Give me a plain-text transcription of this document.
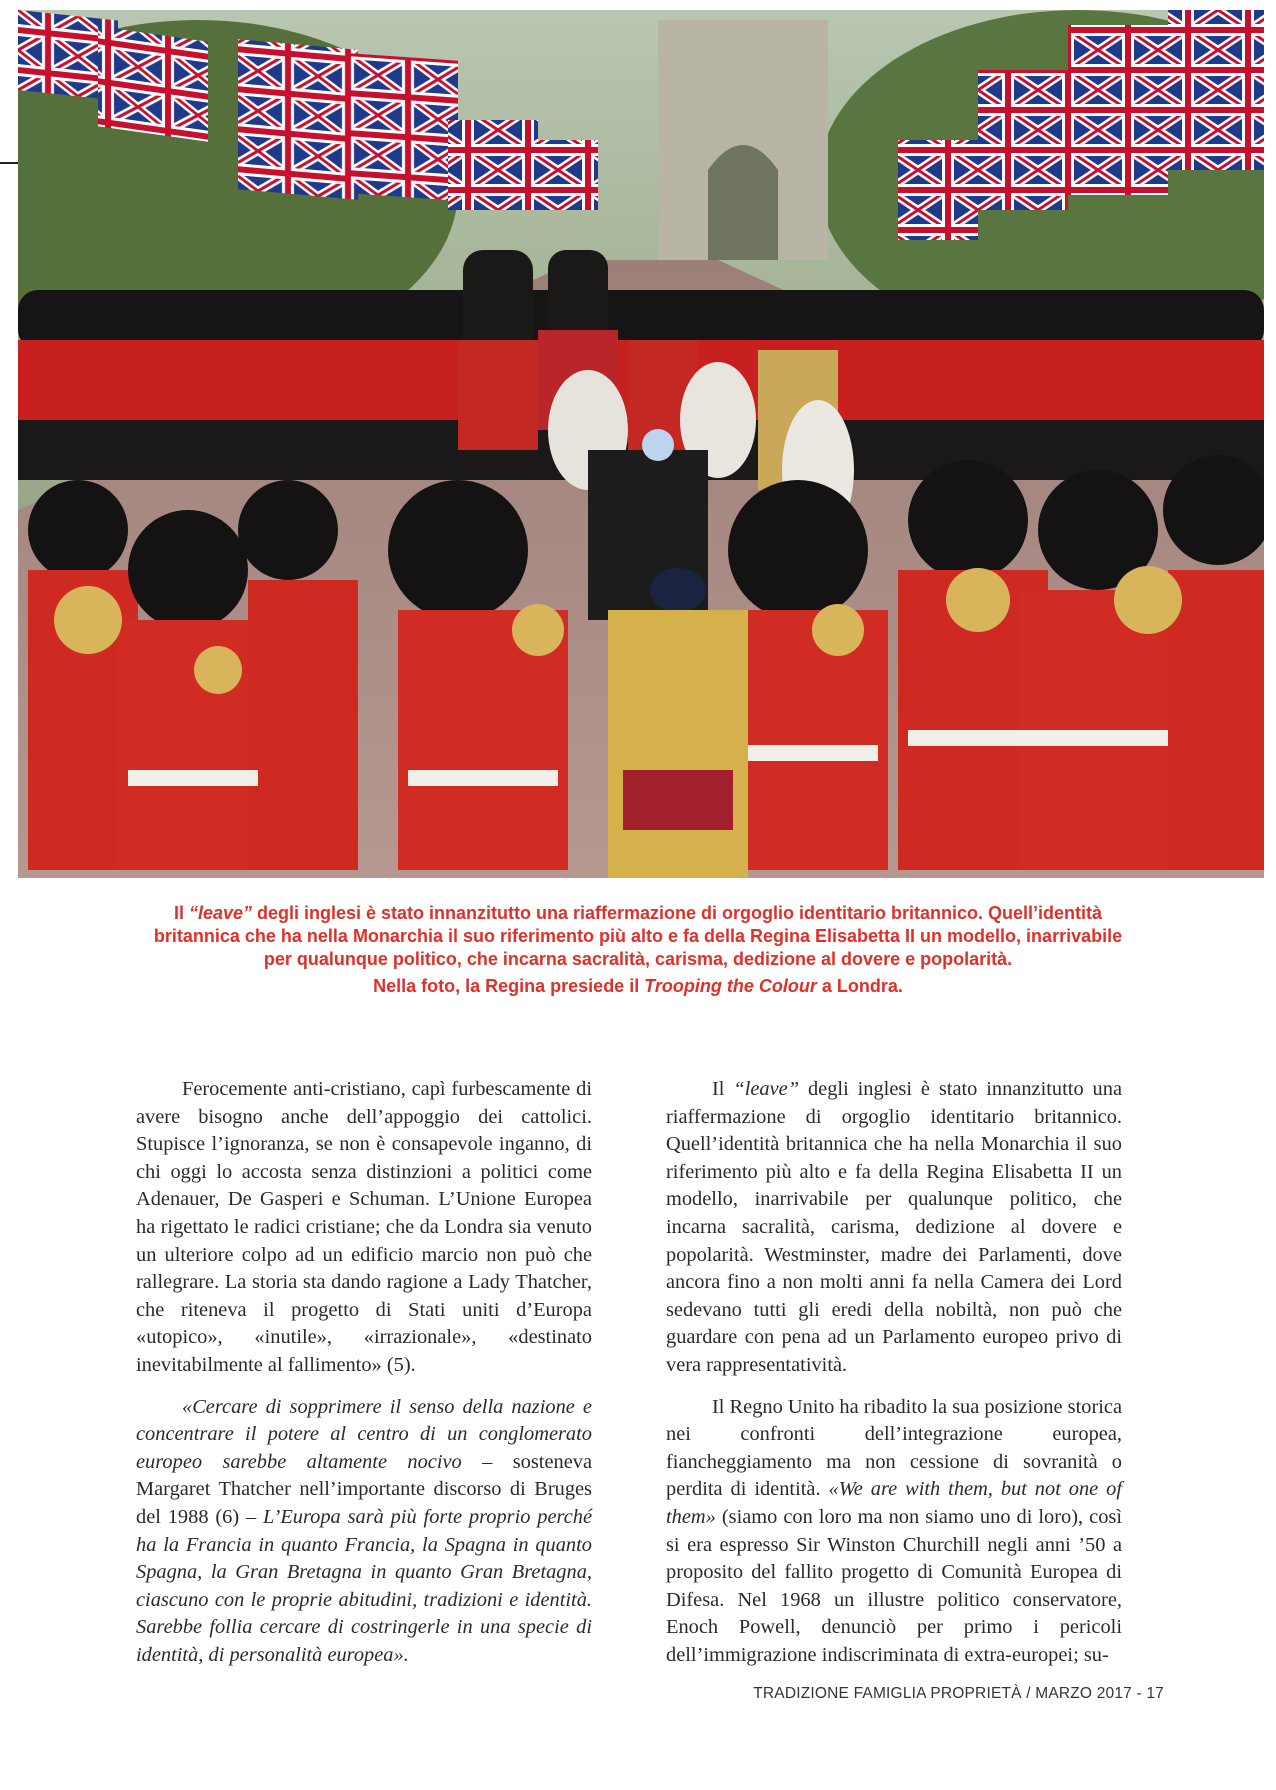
Il “leave” degli inglesi è stato innanzitutto una riaffermazione di orgoglio identitario britannico. Quell’identità britannica che ha nella Monarchia il suo riferimento più alto e fa della Regina Elisabetta II un modello, inarrivabile per qualunque politico, che incarna sacralità, carisma, dedizione al dovere e popolarità.

Nella foto, la Regina presiede il Trooping the Colour a Londra.

Ferocemente anti-cristiano, capì furbescamente di avere bisogno anche dell’appoggio dei cattolici. Stupisce l’ignoranza, se non è consapevole inganno, di chi oggi lo accosta senza distinzioni a politici come Adenauer, De Gasperi e Schuman. L’Unione Europea ha rigettato le radici cristiane; che da Londra sia venuto un ulteriore colpo ad un edificio marcio non può che rallegrare. La storia sta dando ragione a Lady Thatcher, che riteneva il progetto di Stati uniti d’Europa «utopico», «inutile», «irrazionale», «destinato inevitabilmente al fallimento» (5).

«Cercare di sopprimere il senso della nazione e concentrare il potere al centro di un conglomerato europeo sarebbe altamente nocivo – sosteneva Margaret Thatcher nell’importante discorso di Bruges del 1988 (6) – L’Europa sarà più forte proprio perché ha la Francia in quanto Francia, la Spagna in quanto Spagna, la Gran Bretagna in quanto Gran Bretagna, ciascuno con le proprie abitudini, tradizioni e identità. Sarebbe follia cercare di costringerle in una specie di identità, di personalità europea».

Il “leave” degli inglesi è stato innanzitutto una riaffermazione di orgoglio identitario britannico. Quell’identità britannica che ha nella Monarchia il suo riferimento più alto e fa della Regina Elisabetta II un modello, inarrivabile per qualunque politico, che incarna sacralità, carisma, dedizione al dovere e popolarità. Westminster, madre dei Parlamenti, dove ancora fino a non molti anni fa nella Camera dei Lord sedevano tutti gli eredi della nobiltà, non può che guardare con pena ad un Parlamento europeo privo di vera rappresentatività.

Il Regno Unito ha ribadito la sua posizione storica nei confronti dell’integrazione europea, fiancheggiamento ma non cessione di sovranità o perdita di identità. «We are with them, but not one of them» (siamo con loro ma non siamo uno di loro), così si era espresso Sir Winston Churchill negli anni ’50 a proposito del fallito progetto di Comunità Europea di Difesa. Nel 1968 un illustre politico conservatore, Enoch Powell, denunciò per primo i pericoli dell’immigrazione indiscriminata di extra-europei; su-

TRADIZIONE FAMIGLIA PROPRIETÀ / MARZO 2017 - 17
